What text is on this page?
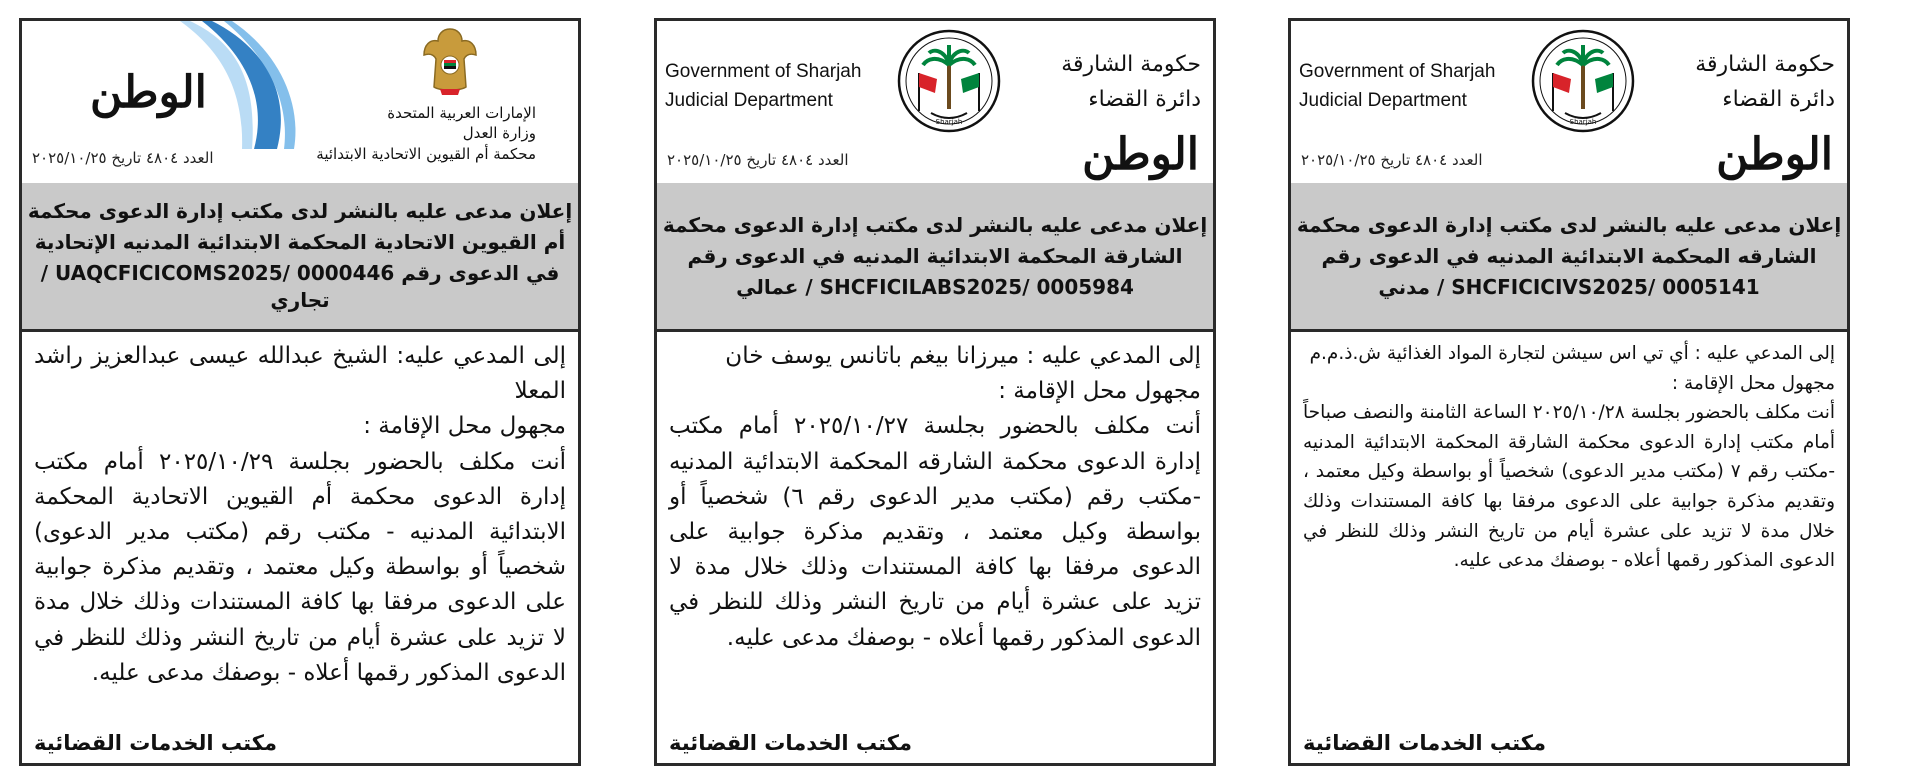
الوطن
العدد ٤٨٠٤ تاريخ ٢٠٢٥/١٠/٢٥
الإمارات العربية المتحدة
وزارة العدل
محكمة أم القيوين الاتحادية الابتدائية
إعلان مدعى عليه بالنشر لدى مكتب إدارة الدعوى محكمة
أم القيوين الاتحادية المحكمة الابتدائية المدنيه الإتحادية
في الدعوى رقم UAQCFICICOMS2025/ 0000446 / تجاري

إلى المدعي عليه: الشيخ عبدالله عيسى عبدالعزيز راشد المعلا

مجهول محل الإقامة :

أنت مكلف بالحضور بجلسة ٢٠٢٥/١٠/٢٩ أمام مكتب إدارة الدعوى محكمة أم القيوين الاتحادية المحكمة الابتدائية المدنيه - مكتب رقم (مكتب مدير الدعوى) شخصياً أو بواسطة وكيل معتمد ، وتقديم مذكرة جوابية على الدعوى مرفقا بها كافة المستندات وذلك خلال مدة لا تزيد على عشرة أيام من تاريخ النشر وذلك للنظر في الدعوى المذكور رقمها أعلاه - بوصفك مدعى عليه.

مكتب الخدمات القضائية
Government of Sharjah
Judicial Department
Sharjah
حكومة الشارقة
دائرة القضاء
العدد ٤٨٠٤ تاريخ ٢٠٢٥/١٠/٢٥	الوطن
إعلان مدعى عليه بالنشر لدى مكتب إدارة الدعوى محكمة
الشارقة المحكمة الابتدائية المدنيه في الدعوى رقم
SHCFICILABS2025/ 0005984 / عمالي

إلى المدعي عليه : ميرزانا بيغم باتانس يوسف خان

مجهول محل الإقامة :

أنت مكلف بالحضور بجلسة ٢٠٢٥/١٠/٢٧ أمام مكتب إدارة الدعوى محكمة الشارقه المحكمة الابتدائية المدنيه -مكتب رقم (مكتب مدير الدعوى رقم ٦) شخصياً أو بواسطة وكيل معتمد ، وتقديم مذكرة جوابية على الدعوى مرفقا بها كافة المستندات وذلك خلال مدة لا تزيد على عشرة أيام من تاريخ النشر وذلك للنظر في الدعوى المذكور رقمها أعلاه - بوصفك مدعى عليه.

مكتب الخدمات القضائية
Government of Sharjah
Judicial Department
Sharjah
حكومة الشارقة
دائرة القضاء
العدد ٤٨٠٤ تاريخ ٢٠٢٥/١٠/٢٥	الوطن
إعلان مدعى عليه بالنشر لدى مكتب إدارة الدعوى محكمة
الشارقه المحكمة الابتدائية المدنيه في الدعوى رقم
SHCFICICIVS2025/ 0005141 / مدني

إلى المدعي عليه : أي تي اس سيشن لتجارة المواد الغذائية ش.ذ.م.م

مجهول محل الإقامة :

أنت مكلف بالحضور بجلسة ٢٠٢٥/١٠/٢٨ الساعة الثامنة والنصف صباحاً أمام مكتب إدارة الدعوى محكمة الشارقة المحكمة الابتدائية المدنيه -مكتب رقم ٧ (مكتب مدير الدعوى) شخصياً أو بواسطة وكيل معتمد ، وتقديم مذكرة جوابية على الدعوى مرفقا بها كافة المستندات وذلك خلال مدة لا تزيد على عشرة أيام من تاريخ النشر وذلك للنظر في الدعوى المذكور رقمها أعلاه - بوصفك مدعى عليه.

مكتب الخدمات القضائية
